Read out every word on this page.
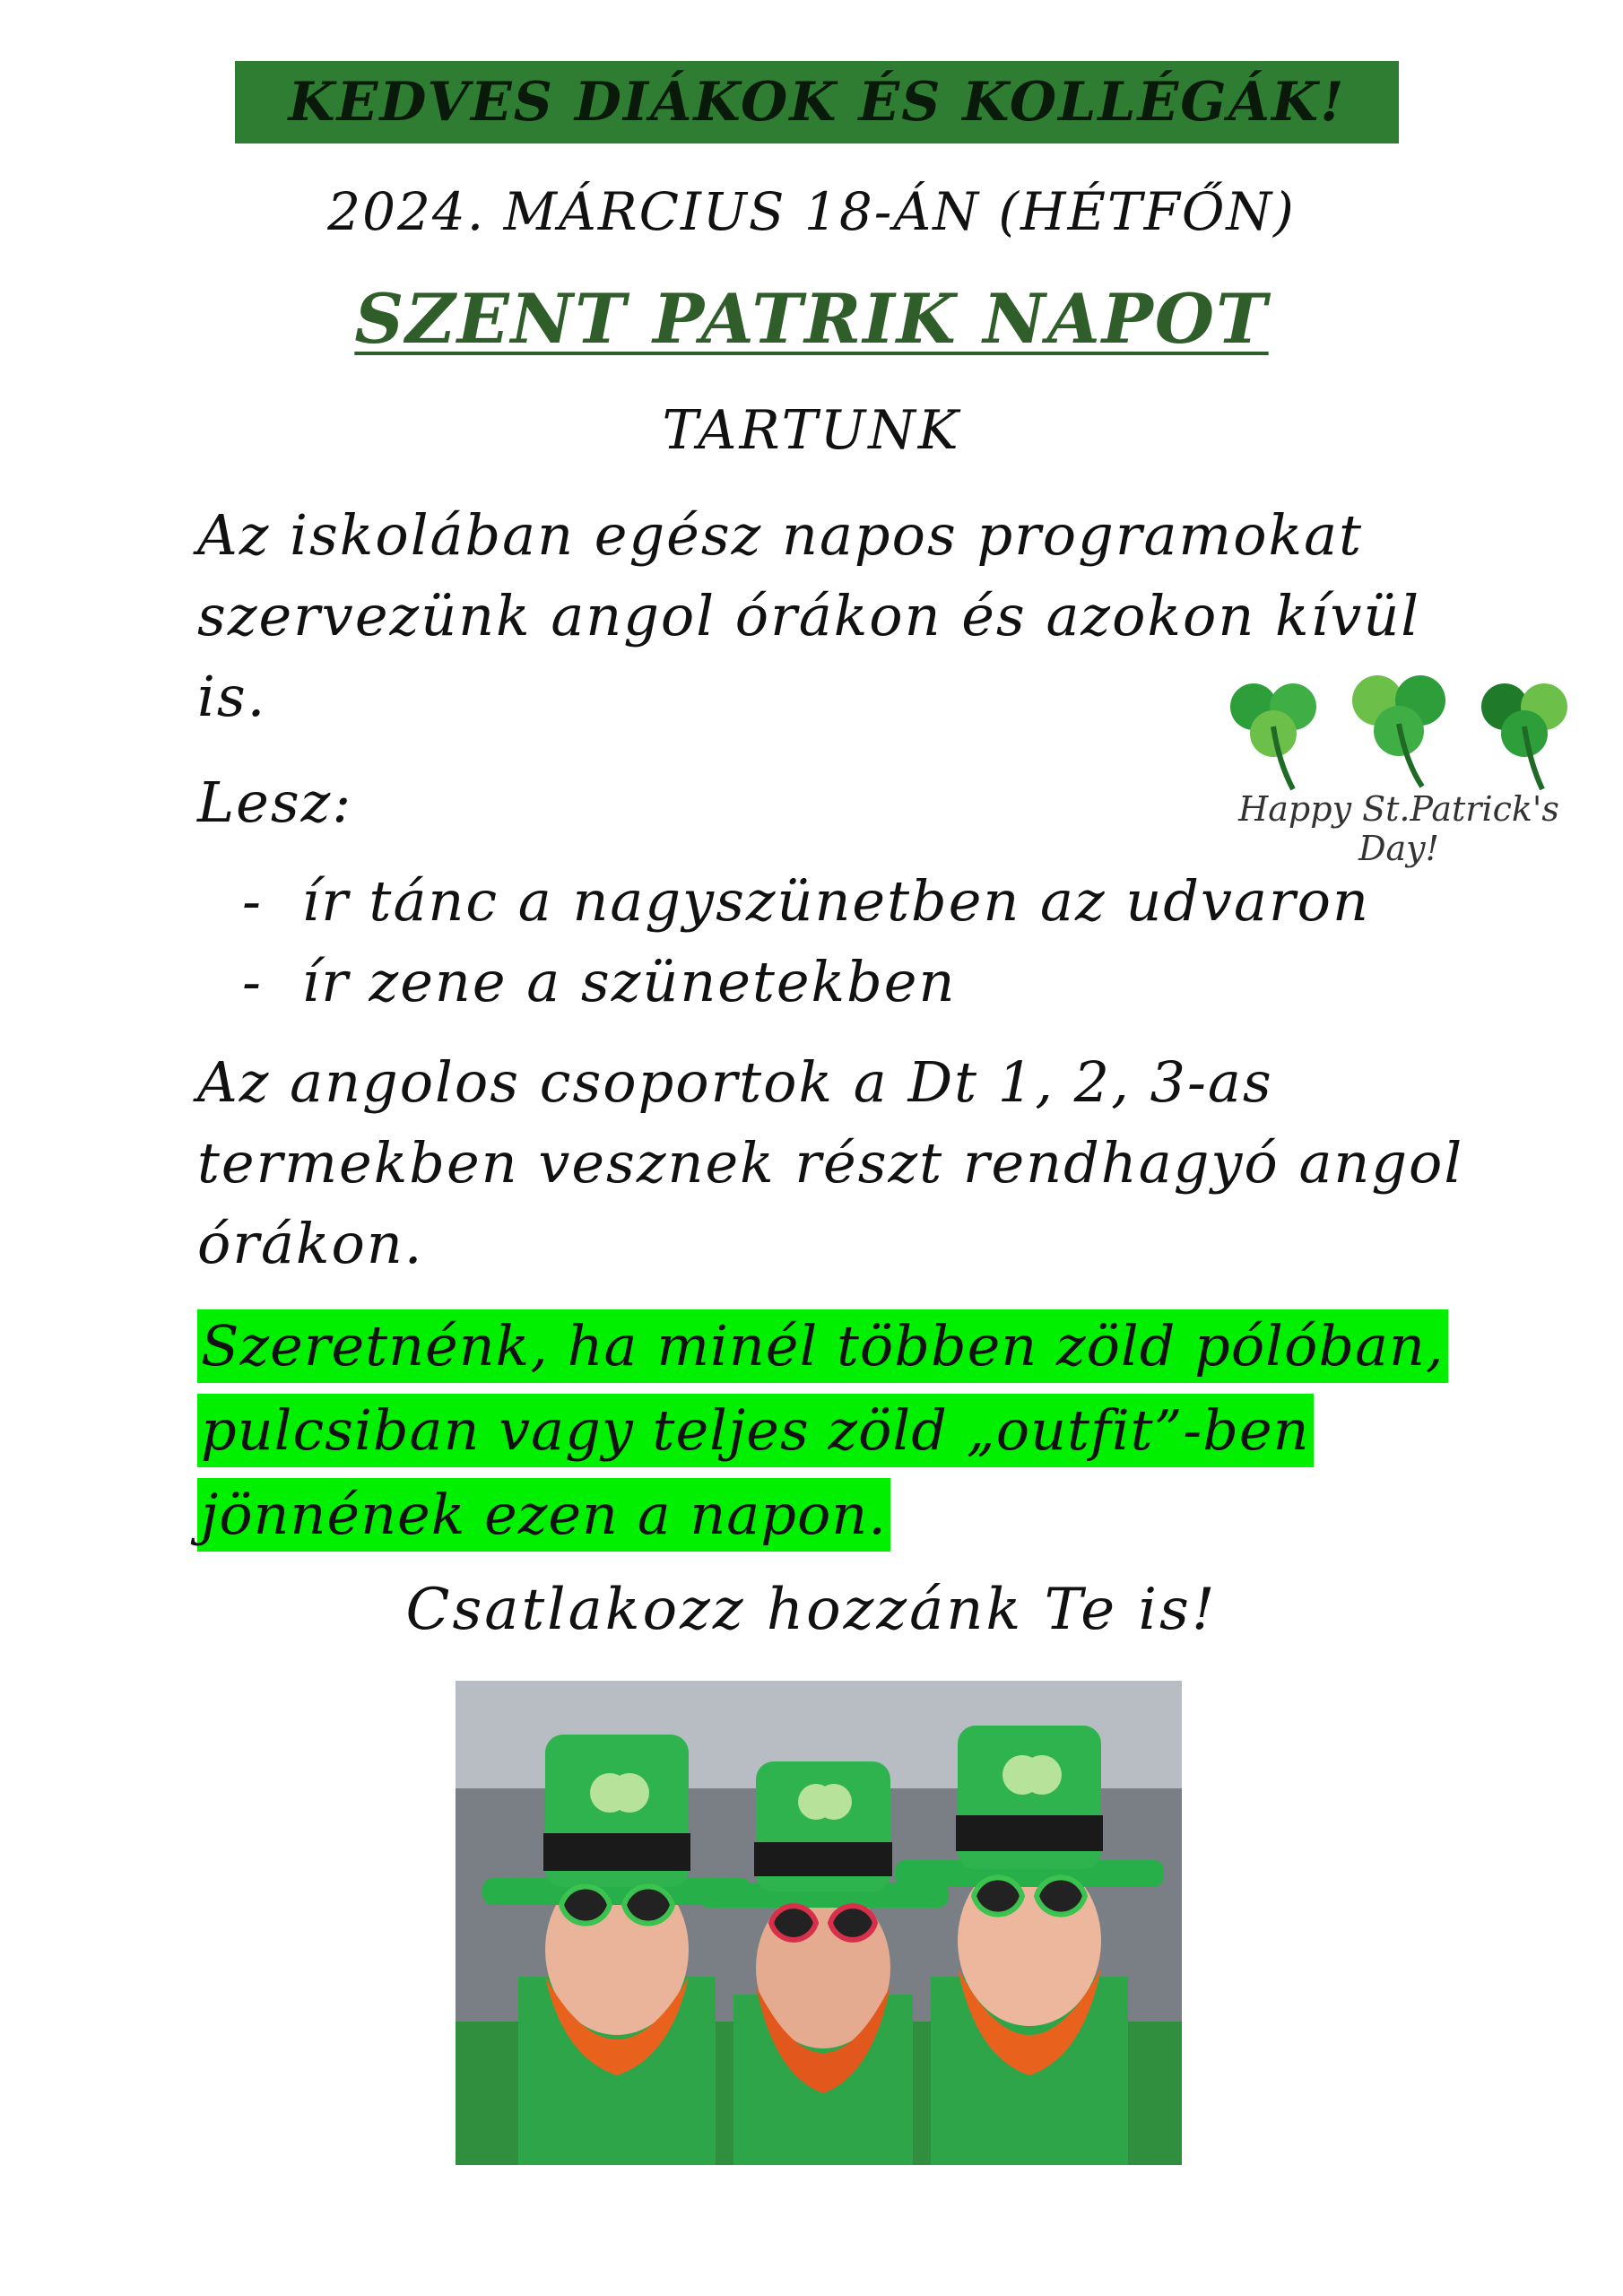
KEDVES DIÁKOK ÉS KOLLÉGÁK!
2024. MÁRCIUS 18-ÁN (HÉTFŐN)
SZENT PATRIK NAPOT
TARTUNK
Az iskolában egész napos programokat
szervezünk angol órákon és azokon kívül
is.
Happy St.Patrick's Day!
Lesz:
- ír tánc a nagyszünetben az udvaron
- ír zene a szünetekben
Az angolos csoportok a Dt 1, 2, 3-as
termekben vesznek részt rendhagyó angol
órákon.
Szeretnénk, ha minél többen zöld pólóban,
pulcsiban vagy teljes zöld „outfit”-ben
jönnének ezen a napon.
Csatlakozz hozzánk Te is!
